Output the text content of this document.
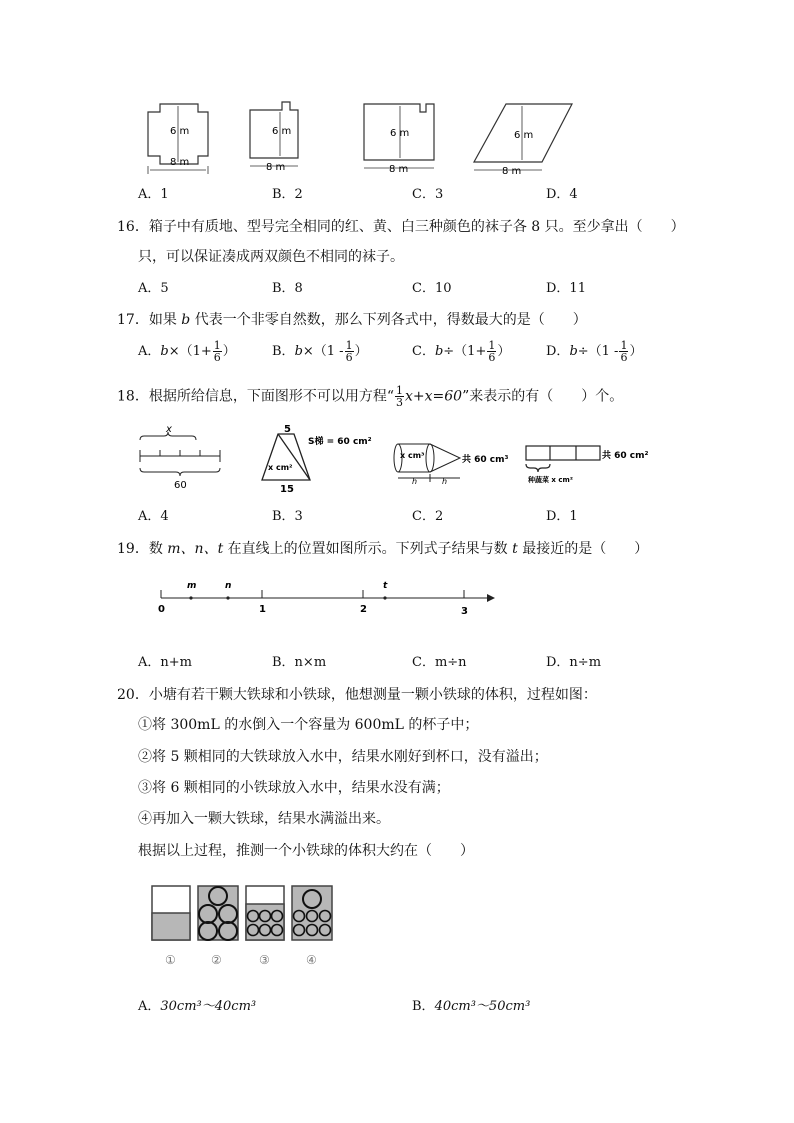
6 m
8 m
6 m
8 m
6 m
8 m
6 m
8 m
A．1	B．2	C．3	D．4
16．箱子中有质地、型号完全相同的红、黄、白三种颜色的袜子各 8 只。至少拿出（　　）
只，可以保证凑成两双颜色不相同的袜子。
A．5	B．8	C．10	D．11
17．如果 b 代表一个非零自然数，那么下列各式中，得数最大的是（　　）
A．$b\times(1+ \frac{1}{6}$ ）	B．$b\times(1 - \frac{1}{6}$ ）	C．$b\div(1+ \frac{1}{6}$ ）	D．$b\div(1 - \frac{1}{6}$ ）
18．根据所给信息，下面图形不可以用方程“ $\frac{1}{3} x+x=60$”来表示的有（　　）个。
x
60
5
S梯 = 60 cm²
x cm²
15
x cm³	共 60 cm³
h	h
共 60 cm²
种蔬菜 x cm²
A．4	B．3	C．2	D．1
19．数 m、n、t 在直线上的位置如图所示。下列式子结果与数 t 最接近的是（　　）
0	1	2	3
m	n	t
A．n+m	B．n×m	C．m÷n	D．n÷m
20．小塘有若干颗大铁球和小铁球，他想测量一颗小铁球的体积，过程如图：
①将 300mL 的水倒入一个容量为 600mL 的杯子中；
②将 5 颗相同的大铁球放入水中，结果水刚好到杯口，没有溢出；
③将 6 颗相同的小铁球放入水中，结果水没有满；
④再加入一颗大铁球，结果水满溢出来。
根据以上过程，推测一个小铁球的体积大约在（　　）
①	②	③	④
A．30cm³～40cm³	B．40cm³～50cm³
